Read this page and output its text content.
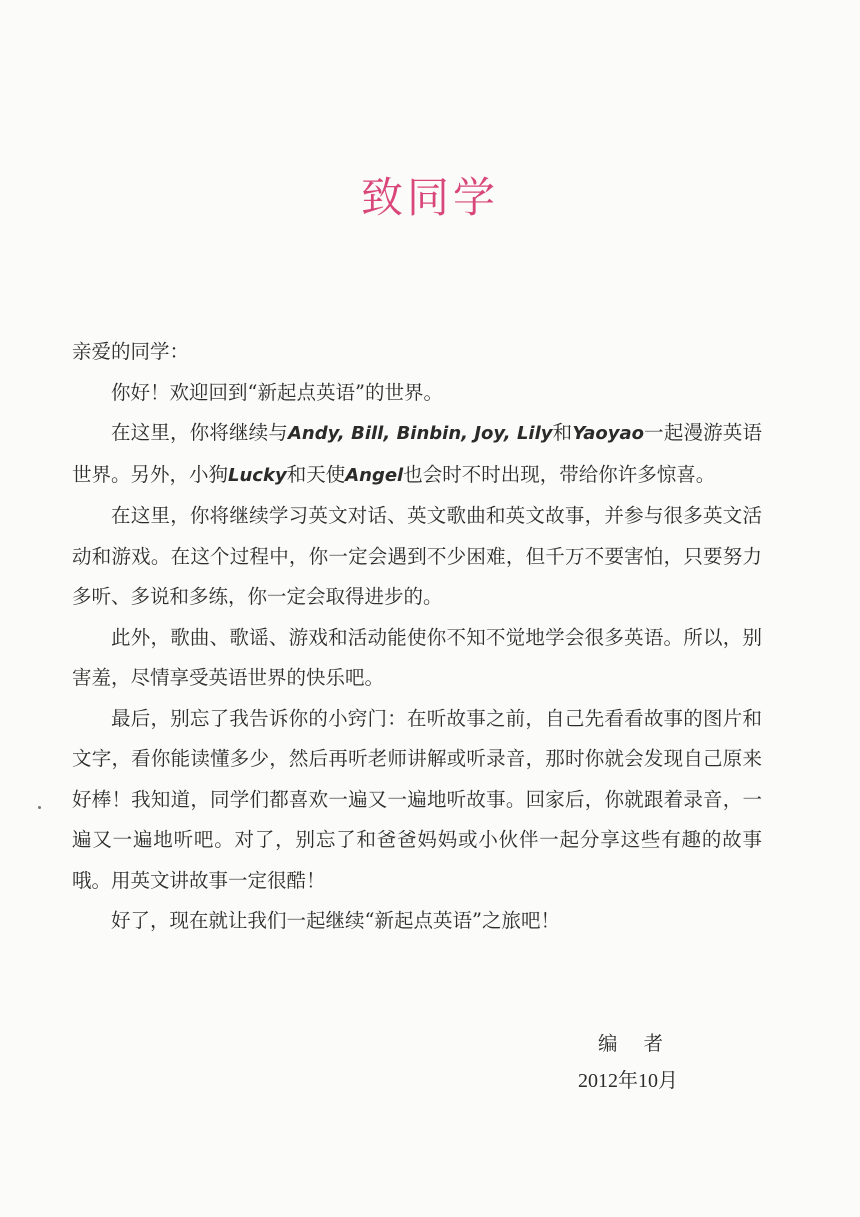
致同学

亲爱的同学：

你好！欢迎回到“新起点英语”的世界。

在这里，你将继续与Andy, Bill, Binbin, Joy, Lily和Yaoyao一起漫游英语世界。另外，小狗Lucky和天使Angel也会时不时出现，带给你许多惊喜。

在这里，你将继续学习英文对话、英文歌曲和英文故事，并参与很多英文活动和游戏。在这个过程中，你一定会遇到不少困难，但千万不要害怕，只要努力多听、多说和多练，你一定会取得进步的。

此外，歌曲、歌谣、游戏和活动能使你不知不觉地学会很多英语。所以，别害羞，尽情享受英语世界的快乐吧。

最后，别忘了我告诉你的小窍门：在听故事之前，自己先看看故事的图片和文字，看你能读懂多少，然后再听老师讲解或听录音，那时你就会发现自己原来好棒！我知道，同学们都喜欢一遍又一遍地听故事。回家后，你就跟着录音，一遍又一遍地听吧。对了，别忘了和爸爸妈妈或小伙伴一起分享这些有趣的故事哦。用英文讲故事一定很酷！

好了，现在就让我们一起继续“新起点英语”之旅吧！

编者
2012年10月
